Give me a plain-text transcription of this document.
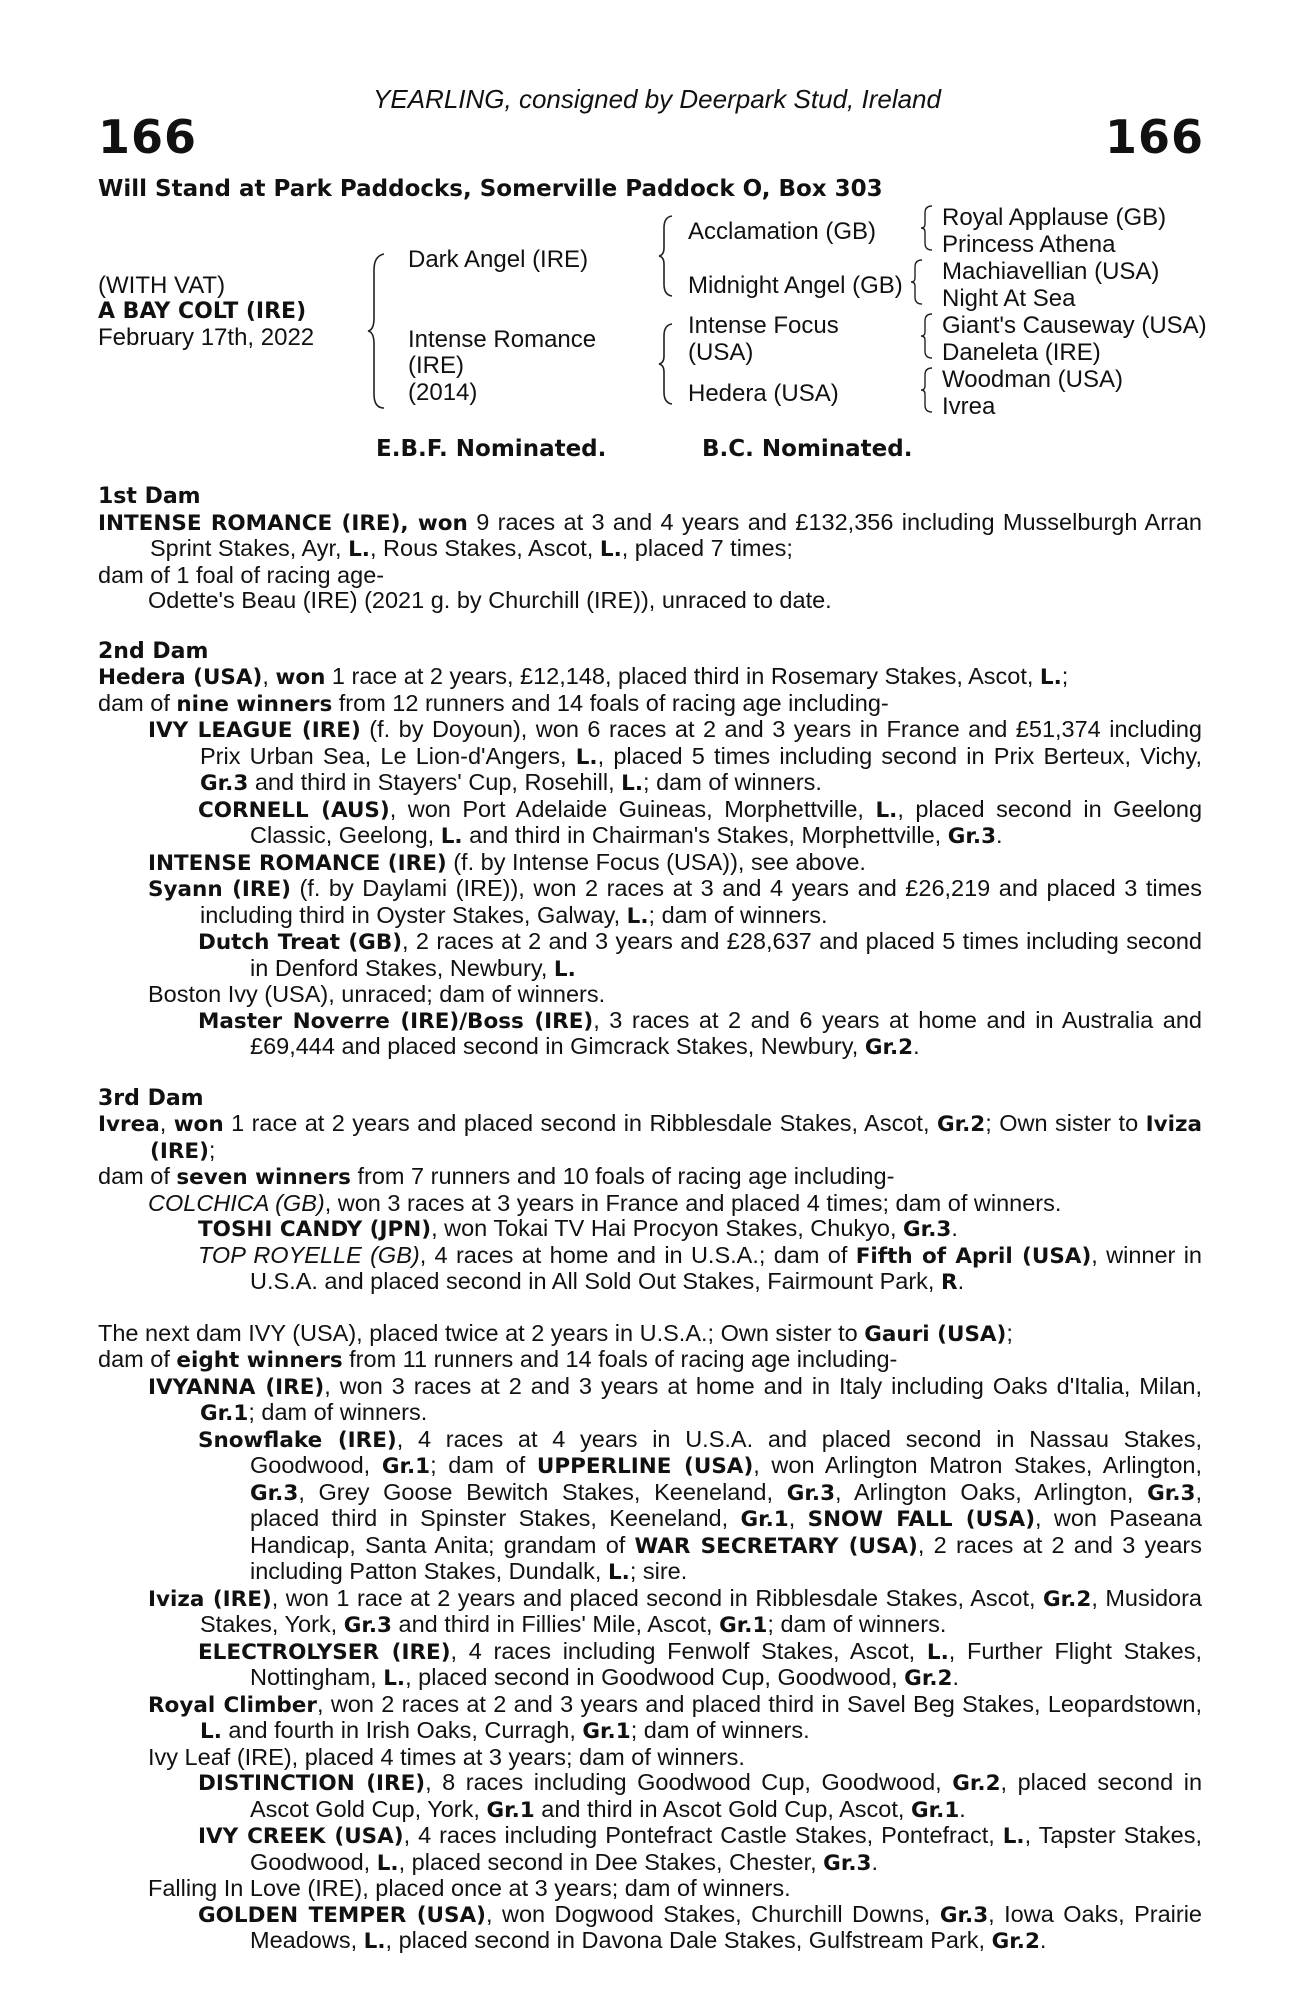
YEARLING, consigned by Deerpark Stud, Ireland
166	166
Will Stand at Park Paddocks, Somerville Paddock O, Box 303
(WITH VAT)
A BAY COLT (IRE)
February 17th, 2022
Dark Angel (IRE)
Intense Romance
(IRE)
(2014)
Acclamation (GB)
Midnight Angel (GB)
Intense Focus
(USA)
Hedera (USA)
Royal Applause (GB)
Princess Athena
Machiavellian (USA)
Night At Sea
Giant's Causeway (USA)
Daneleta (IRE)
Woodman (USA)
Ivrea
E.B.F. Nominated.	B.C. Nominated.

1st Dam

INTENSE ROMANCE (IRE), won 9 races at 3 and 4 years and £132,356 including Musselburgh Arran Sprint Stakes, Ayr, L., Rous Stakes, Ascot, L., placed 7 times;

dam of 1 foal of racing age-

Odette's Beau (IRE) (2021 g. by Churchill (IRE)), unraced to date.

2nd Dam

Hedera (USA), won 1 race at 2 years, £12,148, placed third in Rosemary Stakes, Ascot, L.;

dam of nine winners from 12 runners and 14 foals of racing age including-

IVY LEAGUE (IRE) (f. by Doyoun), won 6 races at 2 and 3 years in France and £51,374 including Prix Urban Sea, Le Lion-d'Angers, L., placed 5 times including second in Prix Berteux, Vichy, Gr.3 and third in Stayers' Cup, Rosehill, L.; dam of winners.

CORNELL (AUS), won Port Adelaide Guineas, Morphettville, L., placed second in Geelong Classic, Geelong, L. and third in Chairman's Stakes, Morphettville, Gr.3.

INTENSE ROMANCE (IRE) (f. by Intense Focus (USA)), see above.

Syann (IRE) (f. by Daylami (IRE)), won 2 races at 3 and 4 years and £26,219 and placed 3 times including third in Oyster Stakes, Galway, L.; dam of winners.

Dutch Treat (GB), 2 races at 2 and 3 years and £28,637 and placed 5 times including second in Denford Stakes, Newbury, L.

Boston Ivy (USA), unraced; dam of winners.

Master Noverre (IRE)/Boss (IRE), 3 races at 2 and 6 years at home and in Australia and £69,444 and placed second in Gimcrack Stakes, Newbury, Gr.2.

3rd Dam

Ivrea, won 1 race at 2 years and placed second in Ribblesdale Stakes, Ascot, Gr.2; Own sister to Iviza (IRE);

dam of seven winners from 7 runners and 10 foals of racing age including-

COLCHICA (GB), won 3 races at 3 years in France and placed 4 times; dam of winners.

TOSHI CANDY (JPN), won Tokai TV Hai Procyon Stakes, Chukyo, Gr.3.

TOP ROYELLE (GB), 4 races at home and in U.S.A.; dam of Fifth of April (USA), winner in U.S.A. and placed second in All Sold Out Stakes, Fairmount Park, R.

The next dam IVY (USA), placed twice at 2 years in U.S.A.; Own sister to Gauri (USA);

dam of eight winners from 11 runners and 14 foals of racing age including-

IVYANNA (IRE), won 3 races at 2 and 3 years at home and in Italy including Oaks d'Italia, Milan, Gr.1; dam of winners.

Snowflake (IRE), 4 races at 4 years in U.S.A. and placed second in Nassau Stakes, Goodwood, Gr.1; dam of UPPERLINE (USA), won Arlington Matron Stakes, Arlington, Gr.3, Grey Goose Bewitch Stakes, Keeneland, Gr.3, Arlington Oaks, Arlington, Gr.3, placed third in Spinster Stakes, Keeneland, Gr.1, SNOW FALL (USA), won Paseana Handicap, Santa Anita; grandam of WAR SECRETARY (USA), 2 races at 2 and 3 years including Patton Stakes, Dundalk, L.; sire.

Iviza (IRE), won 1 race at 2 years and placed second in Ribblesdale Stakes, Ascot, Gr.2, Musidora Stakes, York, Gr.3 and third in Fillies' Mile, Ascot, Gr.1; dam of winners.

ELECTROLYSER (IRE), 4 races including Fenwolf Stakes, Ascot, L., Further Flight Stakes, Nottingham, L., placed second in Goodwood Cup, Goodwood, Gr.2.

Royal Climber, won 2 races at 2 and 3 years and placed third in Savel Beg Stakes, Leopardstown, L. and fourth in Irish Oaks, Curragh, Gr.1; dam of winners.

Ivy Leaf (IRE), placed 4 times at 3 years; dam of winners.

DISTINCTION (IRE), 8 races including Goodwood Cup, Goodwood, Gr.2, placed second in Ascot Gold Cup, York, Gr.1 and third in Ascot Gold Cup, Ascot, Gr.1.

IVY CREEK (USA), 4 races including Pontefract Castle Stakes, Pontefract, L., Tapster Stakes, Goodwood, L., placed second in Dee Stakes, Chester, Gr.3.

Falling In Love (IRE), placed once at 3 years; dam of winners.

GOLDEN TEMPER (USA), won Dogwood Stakes, Churchill Downs, Gr.3, Iowa Oaks, Prairie Meadows, L., placed second in Davona Dale Stakes, Gulfstream Park, Gr.2.
